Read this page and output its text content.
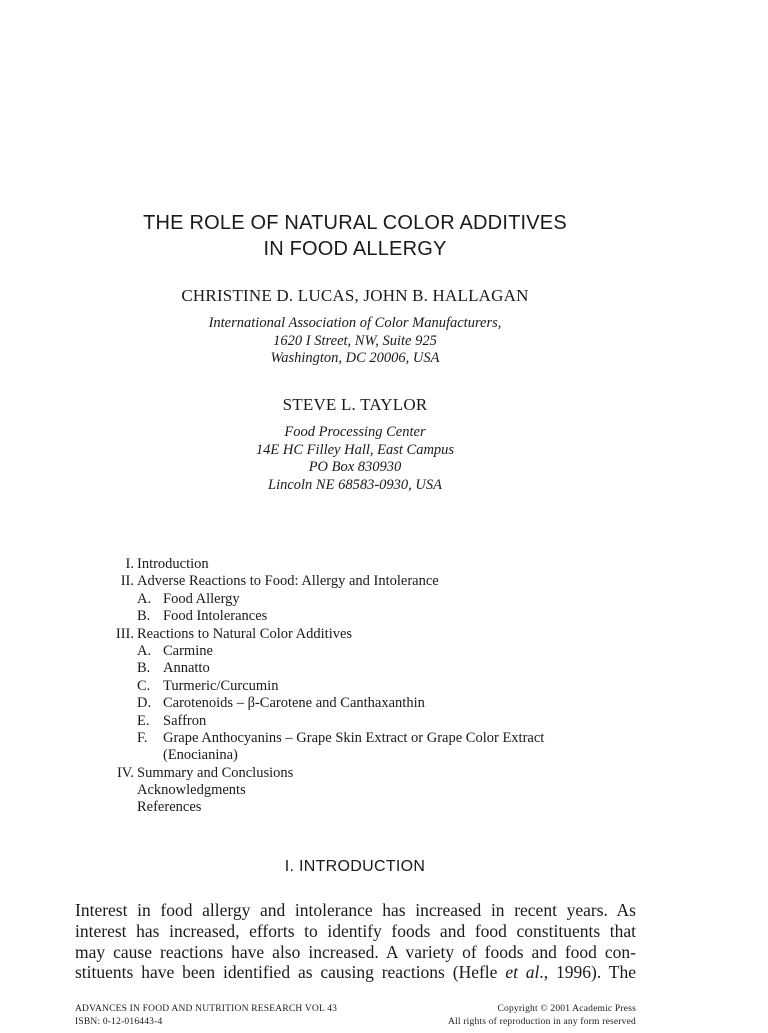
THE ROLE OF NATURAL COLOR ADDITIVES
IN FOOD ALLERGY
CHRISTINE D. LUCAS, JOHN B. HALLAGAN
International Association of Color Manufacturers,
1620 I Street, NW, Suite 925
Washington, DC 20006, USA
STEVE L. TAYLOR
Food Processing Center
14E HC Filley Hall, East Campus
PO Box 830930
Lincoln NE 68583-0930, USA
I. Introduction
II. Adverse Reactions to Food: Allergy and Intolerance
A. Food Allergy
B. Food Intolerances
III. Reactions to Natural Color Additives
A. Carmine
B. Annatto
C. Turmeric/Curcumin
D. Carotenoids – β-Carotene and Canthaxanthin
E. Saffron
F. Grape Anthocyanins – Grape Skin Extract or Grape Color Extract
(Enocianina)
IV. Summary and Conclusions
Acknowledgments
References
I. INTRODUCTION
Interest in food allergy and intolerance has increased in recent years. As
interest has increased, efforts to identify foods and food constituents that
may cause reactions have also increased. A variety of foods and food con-
stituents have been identified as causing reactions (Hefle et al., 1996). The
ADVANCES IN FOOD AND NUTRITION RESEARCH VOL 43
ISBN: 0-12-016443-4
Copyright © 2001 Academic Press
All rights of reproduction in any form reserved
